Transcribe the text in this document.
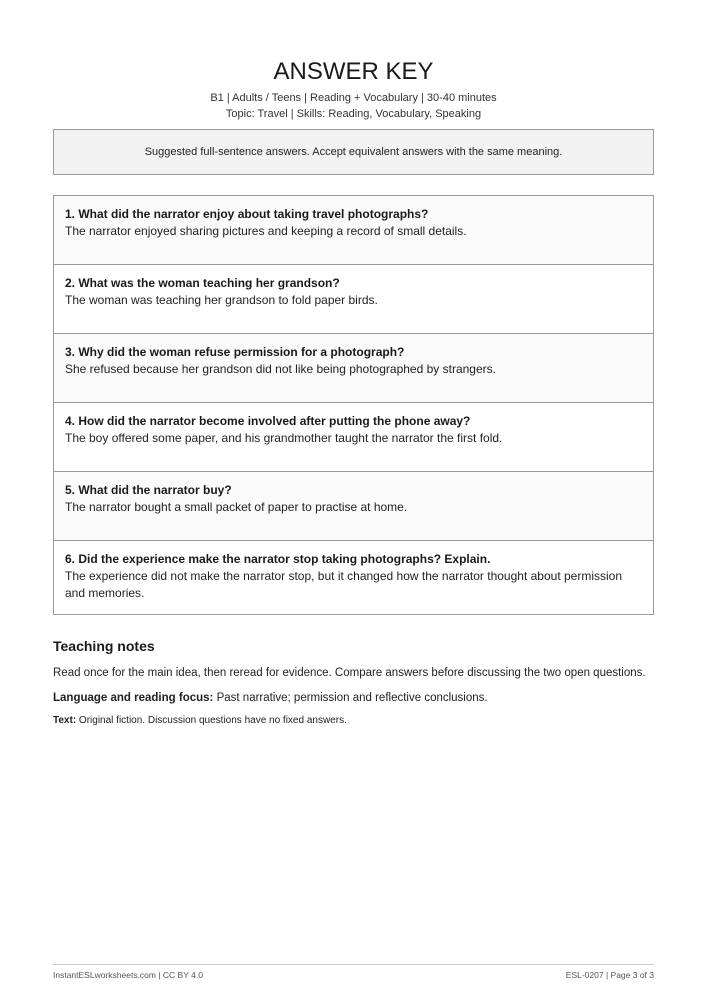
ANSWER KEY
B1 | Adults / Teens | Reading + Vocabulary | 30-40 minutes
Topic: Travel | Skills: Reading, Vocabulary, Speaking
Suggested full-sentence answers. Accept equivalent answers with the same meaning.
1. What did the narrator enjoy about taking travel photographs?
The narrator enjoyed sharing pictures and keeping a record of small details.
2. What was the woman teaching her grandson?
The woman was teaching her grandson to fold paper birds.
3. Why did the woman refuse permission for a photograph?
She refused because her grandson did not like being photographed by strangers.
4. How did the narrator become involved after putting the phone away?
The boy offered some paper, and his grandmother taught the narrator the first fold.
5. What did the narrator buy?
The narrator bought a small packet of paper to practise at home.
6. Did the experience make the narrator stop taking photographs? Explain.
The experience did not make the narrator stop, but it changed how the narrator thought about permission and memories.
Teaching notes
Read once for the main idea, then reread for evidence. Compare answers before discussing the two open questions.
Language and reading focus: Past narrative; permission and reflective conclusions.
Text: Original fiction. Discussion questions have no fixed answers.
InstantESLworksheets.com | CC BY 4.0	ESL-0207 | Page 3 of 3
